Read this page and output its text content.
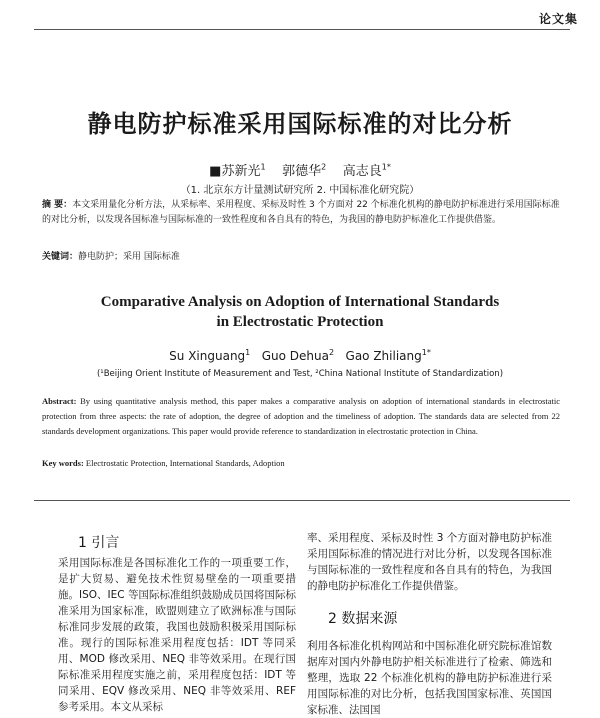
论文集
静电防护标准采用国际标准的对比分析
■苏新光$^1$ 郭德华$^2$ 高志良$^{1*}$
（1. 北京东方计量测试研究所 2. 中国标准化研究院）
摘 要：本文采用量化分析方法，从采标率、采用程度、采标及时性 3 个方面对 22 个标准化机构的静电防护标准进行采用国际标准的对比分析，以发现各国标准与国际标准的一致性程度和各自具有的特色，为我国的静电防护标准化工作提供借鉴。
关键词：静电防护；采用 国际标准
Comparative Analysis on Adoption of International Standards
in Electrostatic Protection
Su Xinguang$^1$ Guo Dehua$^2$ Gao Zhiliang$^{1*}$
(¹Beijing Orient Institute of Measurement and Test, ²China National Institute of Standardization)
Abstract: By using quantitative analysis method, this paper makes a comparative analysis on adoption of international standards in electrostatic protection from three aspects: the rate of adoption, the degree of adoption and the timeliness of adoption. The standards data are selected from 22 standards development organizations. This paper would provide reference to standardization in electrostatic protection in China.
Key words: Electrostatic Protection, International Standards, Adoption
1 引言
采用国际标准是各国标准化工作的一项重要工作，是扩大贸易、避免技术性贸易壁垒的一项重要措施。ISO、IEC 等国际标准组织鼓励成员国将国际标准采用为国家标准，欧盟则建立了欧洲标准与国际标准同步发展的政策，我国也鼓励积极采用国际标准。现行的国际标准采用程度包括：IDT 等同采用、MOD 修改采用、NEQ 非等效采用。在现行国际标准采用程度实施之前，采用程度包括：IDT 等同采用、EQV 修改采用、NEQ 非等效采用、REF 参考采用。本文从采标
率、采用程度、采标及时性 3 个方面对静电防护标准采用国际标准的情况进行对比分析，以发现各国标准与国际标准的一致性程度和各自具有的特色，为我国的静电防护标准化工作提供借鉴。
2 数据来源
利用各标准化机构网站和中国标准化研究院标准馆数据库对国内外静电防护相关标准进行了检索、筛选和整理，选取 22 个标准化机构的静电防护标准进行采用国际标准的对比分析，包括我国国家标准、英国国家标准、法国国
